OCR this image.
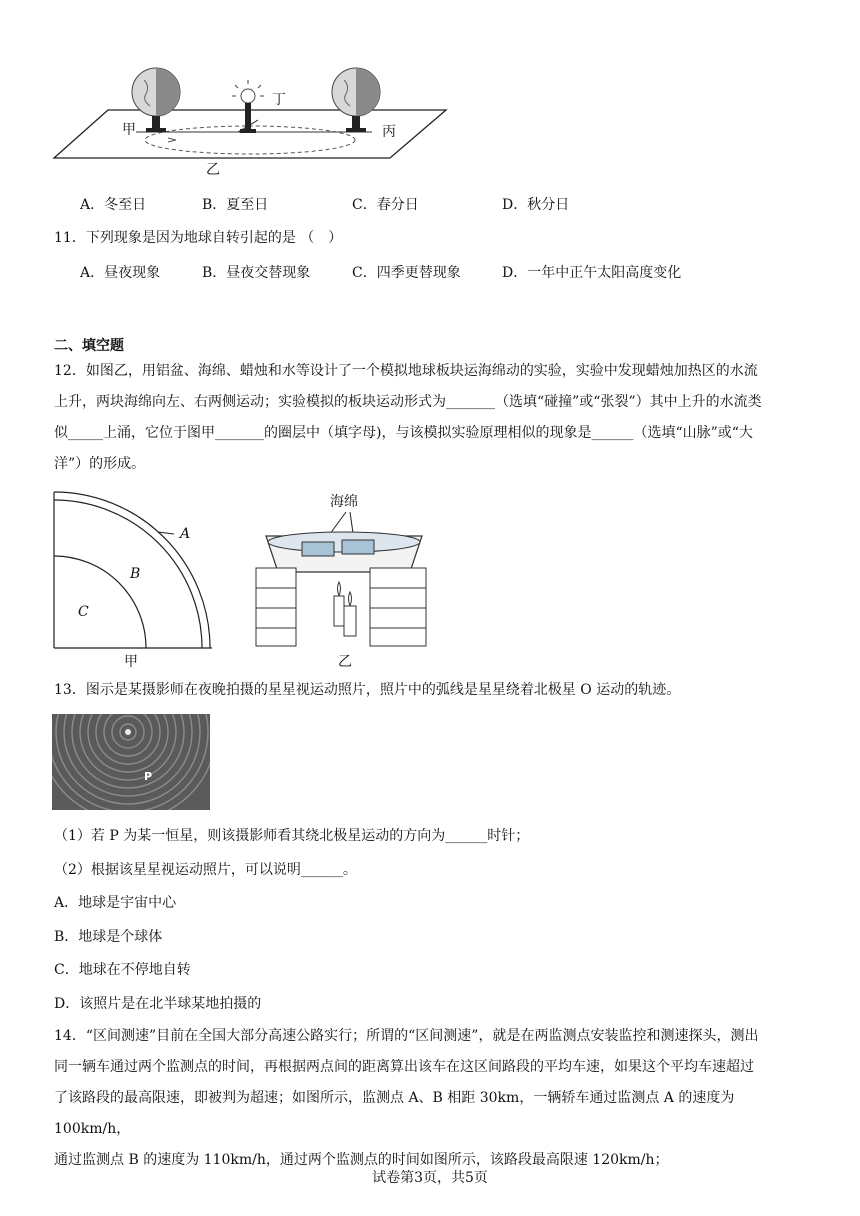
甲	丙
丁
乙
A．冬至日	B．夏至日	C．春分日	D．秋分日
11．下列现象是因为地球自转引起的是 （　）
A．昼夜现象	B．昼夜交替现象	C．四季更替现象	D．一年中正午太阳高度变化
二、填空题
12．如图乙，用铝盆、海绵、蜡烛和水等设计了一个模拟地球板块运海绵动的实验，实验中发现蜡烛加热区的水流
上升，两块海绵向左、右两侧运动；实验模拟的板块运动形式为_______（选填“碰撞”或“张裂”）其中上升的水流类
似_____上涌，它位于图甲_______的圈层中（填字母)，与该模拟实验原理相似的现象是______（选填“山脉”或“大
洋”）的形成。
A
B
C
甲
海绵
乙
13．图示是某摄影师在夜晚拍摄的星星视运动照片，照片中的弧线是星星绕着北极星 O 运动的轨迹。
P
（1）若 P 为某一恒星，则该摄影师看其绕北极星运动的方向为______时针；
（2）根据该星星视运动照片，可以说明______。
A．地球是宇宙中心
B．地球是个球体
C．地球在不停地自转
D．该照片是在北半球某地拍摄的
14．“区间测速”目前在全国大部分高速公路实行；所谓的“区间测速”，就是在两监测点安装监控和测速探头，测出
同一辆车通过两个监测点的时间，再根据两点间的距离算出该车在这区间路段的平均车速，如果这个平均车速超过
了该路段的最高限速，即被判为超速；如图所示，监测点 A、B 相距 30km，一辆轿车通过监测点 A 的速度为 100km/h，
通过监测点 B 的速度为 110km/h，通过两个监测点的时间如图所示，该路段最高限速 120km/h；
试卷第3页，共5页
